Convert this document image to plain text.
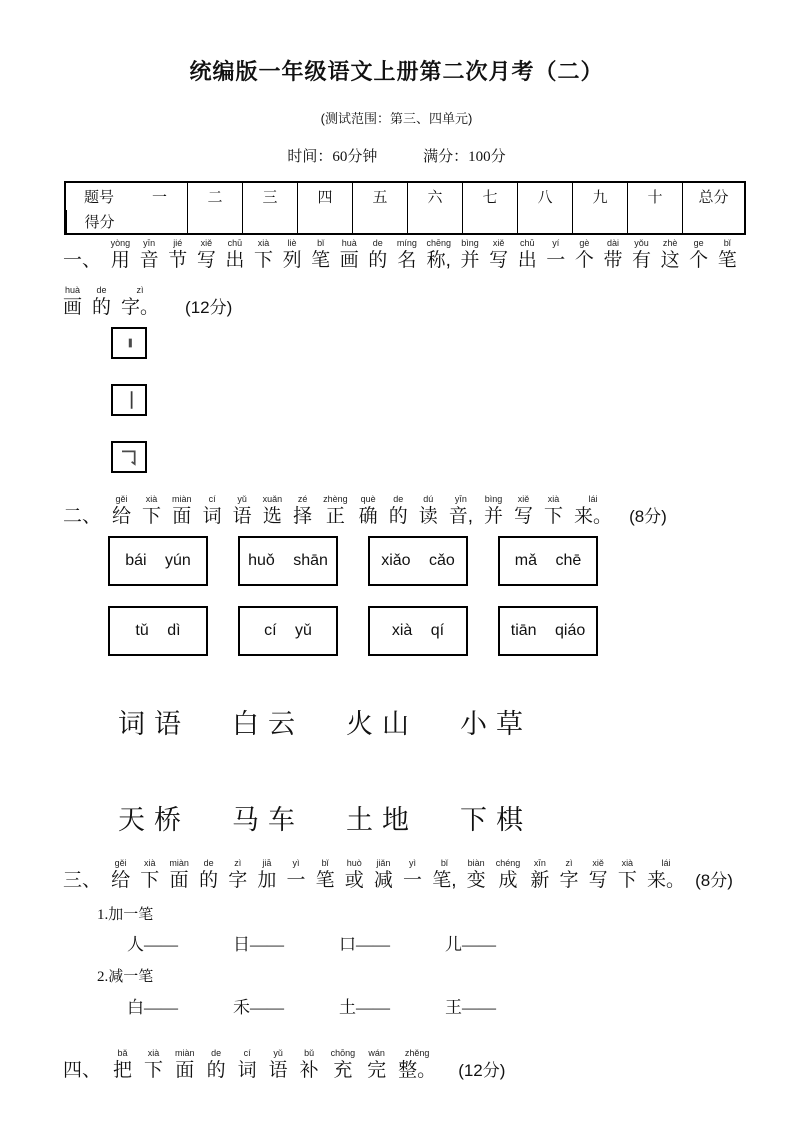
统编版一年级语文上册第二次月考（二）
(测试范围：第三、四单元)
时间：60分钟	满分：100分
题号	一	二	三	四	五	六	七	八	九	十	总分
得分
一、
yòng
用
yīn
音
jié
节
xiě
写
chū
出
xià
下
liè
列
bǐ
笔
huà
画
de
的
míng
名
chēng
称,
bìng
并
xiě
写
chū
出
yí
一
gè
个
dài
带
yǒu
有
zhè
这
ge
个
bǐ
笔
huà
画
de
的
zì
字。 (12分)
二、
gěi
给
xià
下
miàn
面
cí
词
yǔ
语
xuǎn
选
zé
择
zhèng
正
què
确
de
的
dú
读
yīn
音,
bìng
并
xiě
写
xià
下
lái
来。 (8分)
bái yún	huǒ shān	xiǎo cǎo	mǎ chē
tǔ dì	cí yǔ	xià qí	tiān qiáo
词语 白云 火山 小草
天桥 马车 土地 下棋
三、
gěi
给
xià
下
miàn
面
de
的
zì
字
jiā
加
yì
一
bǐ
笔
huò
或
jiǎn
减
yì
一
bǐ
笔,
biàn
变
chéng
成
xīn
新
zì
字
xiě
写
xià
下
lái
来。 (8分)
1.加一笔
人——	日——	口——	儿——
2.减一笔
白——	禾——	土——	王——
四、
bǎ
把
xià
下
miàn
面
de
的
cí
词
yǔ
语
bǔ
补
chōng
充
wán
完
zhěng
整。 (12分)
